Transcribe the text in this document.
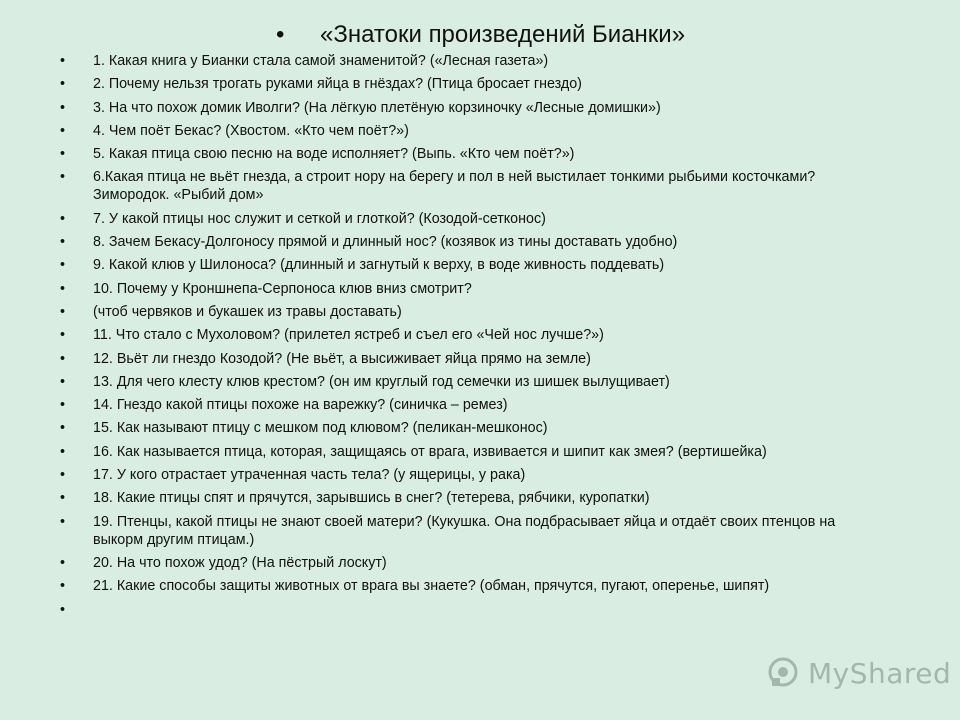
• «Знатоки произведений Бианки»
• 1. Какая книга у Бианки стала самой знаменитой? («Лесная газета»)
• 2. Почему нельзя трогать руками яйца в гнёздах? (Птица бросает гнездо)
• 3. На что похож домик Иволги? (На лёгкую плетёную корзиночку «Лесные домишки»)
• 4. Чем поёт Бекас? (Хвостом. «Кто чем поёт?»)
• 5. Какая птица свою песню на воде исполняет? (Выпь. «Кто чем поёт?»)
• 6.Какая птица не вьёт гнезда, а строит нору на берегу и пол в ней выстилает тонкими рыбьими косточками? Зимородок. «Рыбий дом»
• 7. У какой птицы нос служит и сеткой и глоткой? (Козодой-сетконос)
• 8. Зачем Бекасу-Долгоносу прямой и длинный нос? (козявок из тины доставать удобно)
• 9. Какой клюв у Шилоноса? (длинный и загнутый к верху, в воде живность поддевать)
• 10. Почему у Кроншнепа-Серпоноса клюв вниз смотрит?
• (чтоб червяков и букашек из травы доставать)
• 11. Что стало с Мухоловом? (прилетел ястреб и съел его «Чей нос лучше?»)
• 12. Вьёт ли гнездо Козодой? (Не вьёт, а высиживает яйца прямо на земле)
• 13. Для чего клесту клюв крестом? (он им круглый год семечки из шишек вылущивает)
• 14. Гнездо какой птицы похоже на варежку? (синичка – ремез)
• 15. Как называют птицу с мешком под клювом? (пеликан-мешконос)
• 16. Как называется птица, которая, защищаясь от врага, извивается и шипит как змея? (вертишейка)
• 17. У кого отрастает утраченная часть тела? (у ящерицы, у рака)
• 18. Какие птицы спят и прячутся, зарывшись в снег? (тетерева, рябчики, куропатки)
• 19. Птенцы, какой птицы не знают своей матери? (Кукушка. Она подбрасывает яйца и отдаёт своих птенцов на выкорм другим птицам.)
• 20. На что похож удод? (На пёстрый лоскут)
• 21. Какие способы защиты животных от врага вы знаете? (обман, прячутся, пугают, оперенье, шипят)
•
MyShared
